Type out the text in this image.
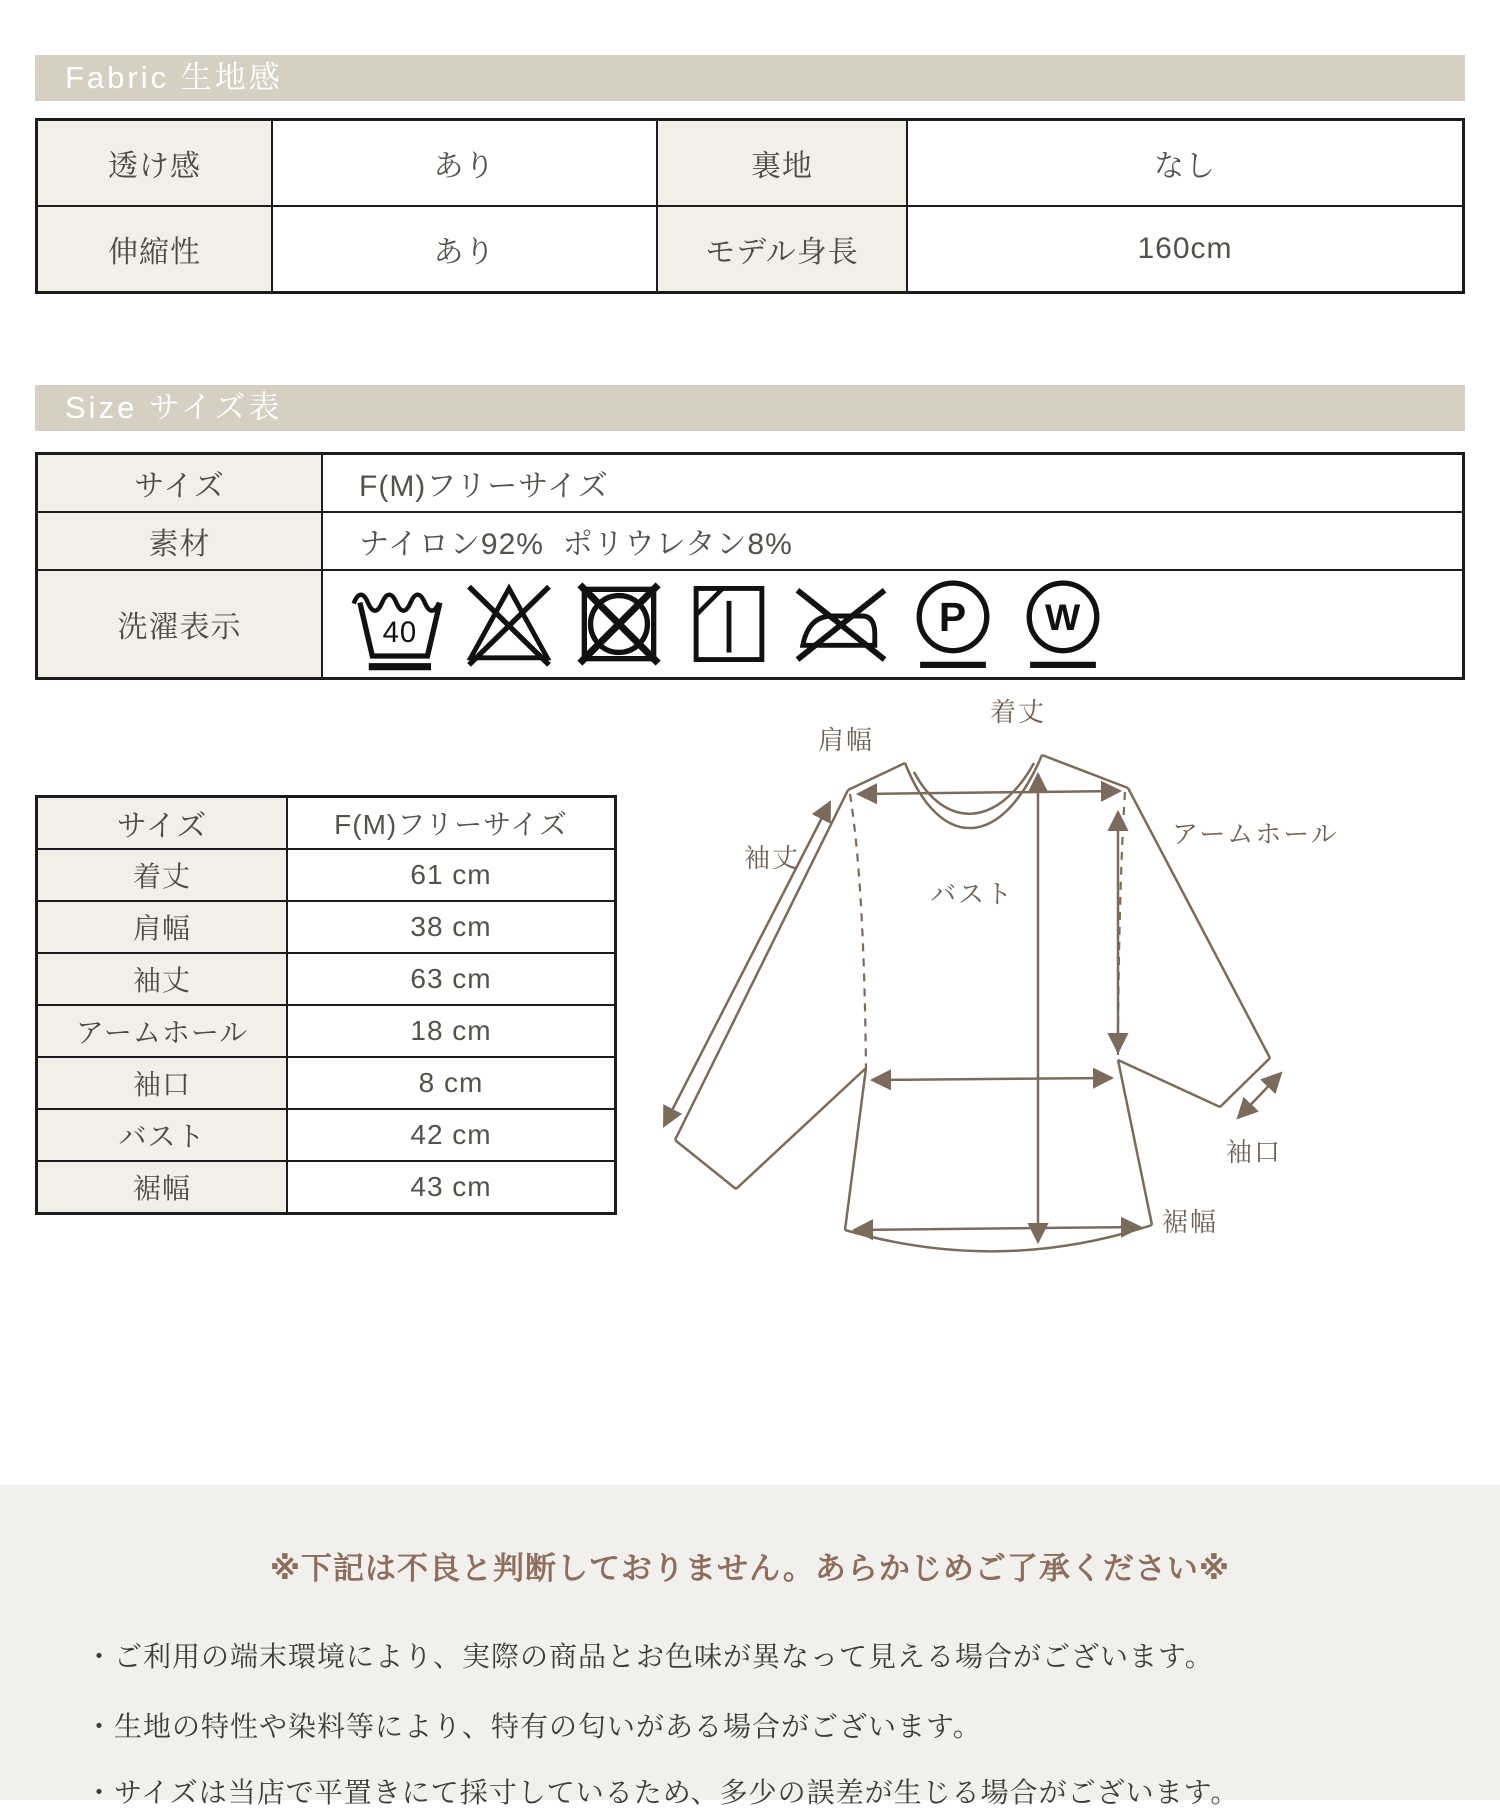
Fabric 生地感
透け感	あり	裏地	なし
伸縮性	あり	モデル身長	160cm
Size サイズ表
サイズ	F(M)フリーサイズ
素材	ナイロン92%  ポリウレタン8%
洗濯表示	40	P W
サイズ	F(M)フリーサイズ
着丈	61 cm
肩幅	38 cm
袖丈	63 cm
アームホール	18 cm
袖口	8 cm
バスト	42 cm
裾幅	43 cm
着丈
肩幅
袖丈
アームホール
バスト
袖口
裾幅
※下記は不良と判断しておりません。あらかじめご了承ください※
・ご利用の端末環境により、実際の商品とお色味が異なって見える場合がございます。
・生地の特性や染料等により、特有の匂いがある場合がございます。
・サイズは当店で平置きにて採寸しているため、多少の誤差が生じる場合がございます。
